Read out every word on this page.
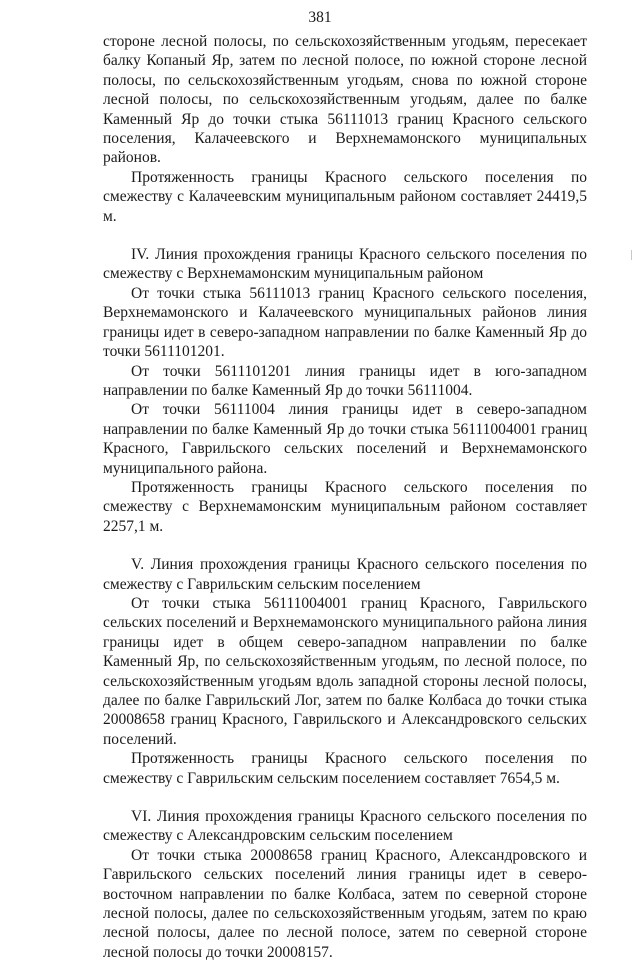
381

стороне лесной полосы, по сельскохозяйственным угодьям, пересекает балку Копаный Яр, затем по лесной полосе, по южной стороне лесной полосы, по сельскохозяйственным угодьям, снова по южной стороне лесной полосы, по сельскохозяйственным угодьям, далее по балке Каменный Яр до точки стыка 56111013 границ Красного сельского поселения, Калачеевского и Верхнемамонского муниципальных районов.

Протяженность границы Красного сельского поселения по смежеству с Калачеевским муниципальным районом составляет 24419,5 м.

IV. Линия прохождения границы Красного сельского поселения по смежеству с Верхнемамонским муниципальным районом

От точки стыка 56111013 границ Красного сельского поселения, Верхнемамонского и Калачеевского муниципальных районов линия границы идет в северо-западном направлении по балке Каменный Яр до точки 5611101201.

От точки 5611101201 линия границы идет в юго-западном направлении по балке Каменный Яр до точки 56111004.

От точки 56111004 линия границы идет в северо-западном направлении по балке Каменный Яр до точки стыка 56111004001 границ Красного, Гаврильского сельских поселений и Верхнемамонского муниципального района.

Протяженность границы Красного сельского поселения по смежеству с Верхнемамонским муниципальным районом составляет 2257,1 м.

V. Линия прохождения границы Красного сельского поселения по смежеству с Гаврильским сельским поселением

От точки стыка 56111004001 границ Красного, Гаврильского сельских поселений и Верхнемамонского муниципального района линия границы идет в общем северо-западном направлении по балке Каменный Яр, по сельскохозяйственным угодьям, по лесной полосе, по сельскохозяйственным угодьям вдоль западной стороны лесной полосы, далее по балке Гаврильский Лог, затем по балке Колбаса до точки стыка 20008658 границ Красного, Гаврильского и Александровского сельских поселений.

Протяженность границы Красного сельского поселения по смежеству с Гаврильским сельским поселением составляет 7654,5 м.

VI. Линия прохождения границы Красного сельского поселения по смежеству с Александровским сельским поселением

От точки стыка 20008658 границ Красного, Александровского и Гаврильского сельских поселений линия границы идет в северо-восточном направлении по балке Колбаса, затем по северной стороне лесной полосы, далее по сельскохозяйственным угодьям, затем по краю лесной полосы, далее по лесной полосе, затем по северной стороне лесной полосы до точки 20008157.
